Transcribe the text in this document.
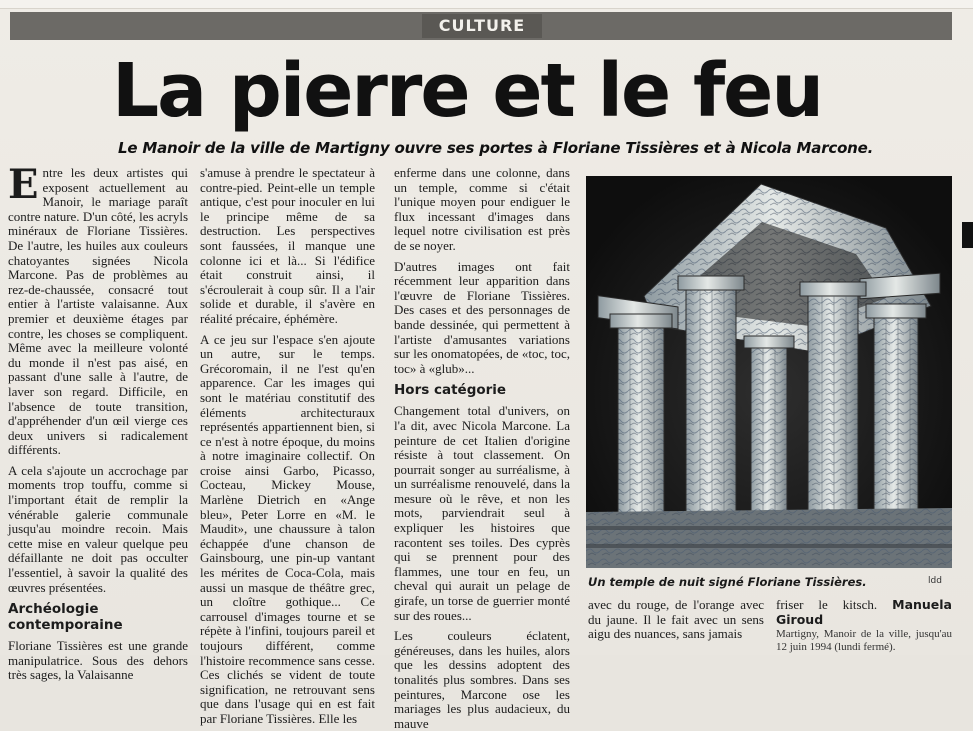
CULTURE
La pierre et le feu
Le Manoir de la ville de Martigny ouvre ses portes à Floriane Tissières et à Nicola Marcone.

Entre les deux artistes qui exposent actuellement au Manoir, le mariage paraît contre nature. D'un côté, les acryls minéraux de Floriane Tissières. De l'autre, les huiles aux couleurs chatoyantes signées Nicola Marcone. Pas de problèmes au rez-de-chaussée, consacré tout entier à l'artiste valaisanne. Aux premier et deuxième étages par contre, les choses se compliquent. Même avec la meilleure volonté du monde il n'est pas aisé, en passant d'une salle à l'autre, de laver son regard. Difficile, en l'absence de toute transition, d'appréhender d'un œil vierge ces deux univers si radicalement différents.

A cela s'ajoute un accrochage par moments trop touffu, comme si l'important était de remplir la vénérable galerie communale jusqu'au moindre recoin. Mais cette mise en valeur quelque peu défaillante ne doit pas occulter l'essentiel, à savoir la qualité des œuvres présentées.

Archéologie contemporaine

Floriane Tissières est une grande manipulatrice. Sous des dehors très sages, la Valaisanne

s'amuse à prendre le spectateur à contre-pied. Peint-elle un temple antique, c'est pour inoculer en lui le principe même de sa destruction. Les perspectives sont faussées, il manque une colonne ici et là... Si l'édifice était construit ainsi, il s'écroulerait à coup sûr. Il a l'air solide et durable, il s'avère en réalité précaire, éphémère.

A ce jeu sur l'espace s'en ajoute un autre, sur le temps. Grécoromain, il ne l'est qu'en apparence. Car les images qui sont le matériau constitutif des éléments architecturaux représentés appartiennent bien, si ce n'est à notre époque, du moins à notre imaginaire collectif. On croise ainsi Garbo, Picasso, Cocteau, Mickey Mouse, Marlène Dietrich en «Ange bleu», Peter Lorre en «M. le Maudit», une chaussure à talon échappée d'une chanson de Gainsbourg, une pin-up vantant les mérites de Coca-Cola, mais aussi un masque de théâtre grec, un cloître gothique... Ce carrousel d'images tourne et se répète à l'infini, toujours pareil et toujours différent, comme l'histoire recommence sans cesse. Ces clichés se vident de toute signification, ne retrouvant sens que dans l'usage qui en est fait par Floriane Tissières. Elle les

enferme dans une colonne, dans un temple, comme si c'était l'unique moyen pour endiguer le flux incessant d'images dans lequel notre civilisation est près de se noyer.

D'autres images ont fait récemment leur apparition dans l'œuvre de Floriane Tissières. Des cases et des personnages de bande dessinée, qui permettent à l'artiste d'amusantes variations sur les onomatopées, de «toc, toc, toc» à «glub»...

Hors catégorie

Changement total d'univers, on l'a dit, avec Nicola Marcone. La peinture de cet Italien d'origine résiste à tout classement. On pourrait songer au surréalisme, à un surréalisme renouvelé, dans la mesure où le rêve, et non les mots, parviendrait seul à expliquer les histoires que racontent ses toiles. Des cyprès qui se prennent pour des flammes, une tour en feu, un cheval qui aurait un pelage de girafe, un torse de guerrier monté sur des roues...

Les couleurs éclatent, généreuses, dans les huiles, alors que les dessins adoptent des tonalités plus sombres. Dans ses peintures, Marcone ose les mariages les plus audacieux, du mauve

Un temple de nuit signé Floriane Tissières.	ldd
avec du rouge, de l'orange avec du jaune. Il le fait avec un sens aigu des nuances, sans jamais
friser le kitsch. Manuela Giroud
Martigny, Manoir de la ville, jusqu'au 12 juin 1994 (lundi fermé).
